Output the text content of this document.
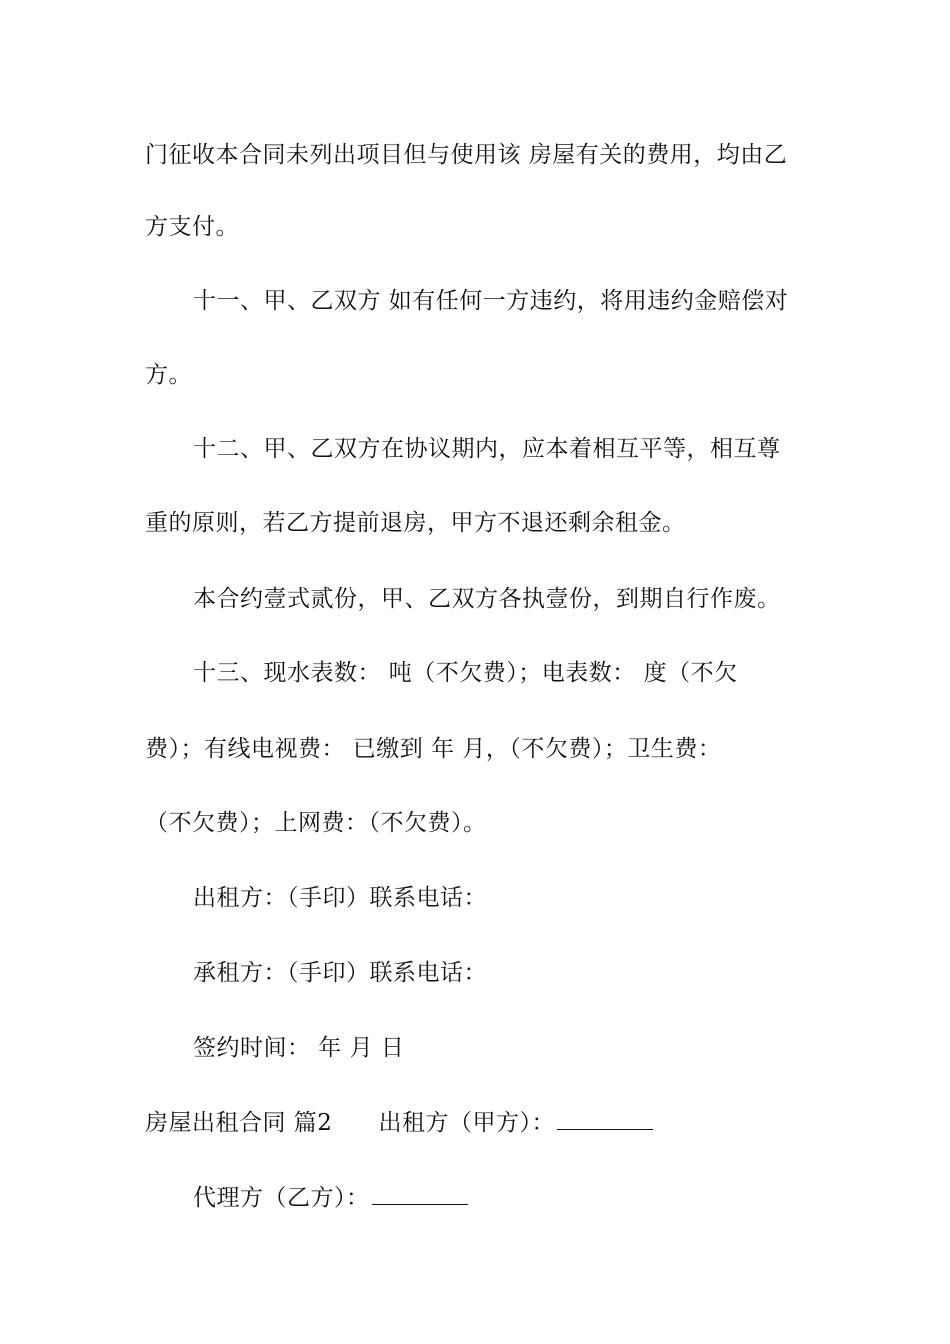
门征收本合同未列出项目但与使用该 房屋有关的费用，均由乙
方支付。
十一、甲、乙双方 如有任何一方违约，将用违约金赔偿对
方。
十二、甲、乙双方在协议期内，应本着相互平等，相互尊
重的原则，若乙方提前退房，甲方不退还剩余租金。
本合约壹式贰份，甲、乙双方各执壹份，到期自行作废。
十三、现水表数： 吨（不欠费）；电表数： 度（不欠
费）；有线电视费： 已缴到 年 月，（不欠费）；卫生费：
（不欠费）；上网费：（不欠费）。
出租方：（手印）联系电话：
承租方：（手印）联系电话：
签约时间： 年 月 日
房屋出租合同 篇2 出租方（甲方）：
代理方（乙方）：
